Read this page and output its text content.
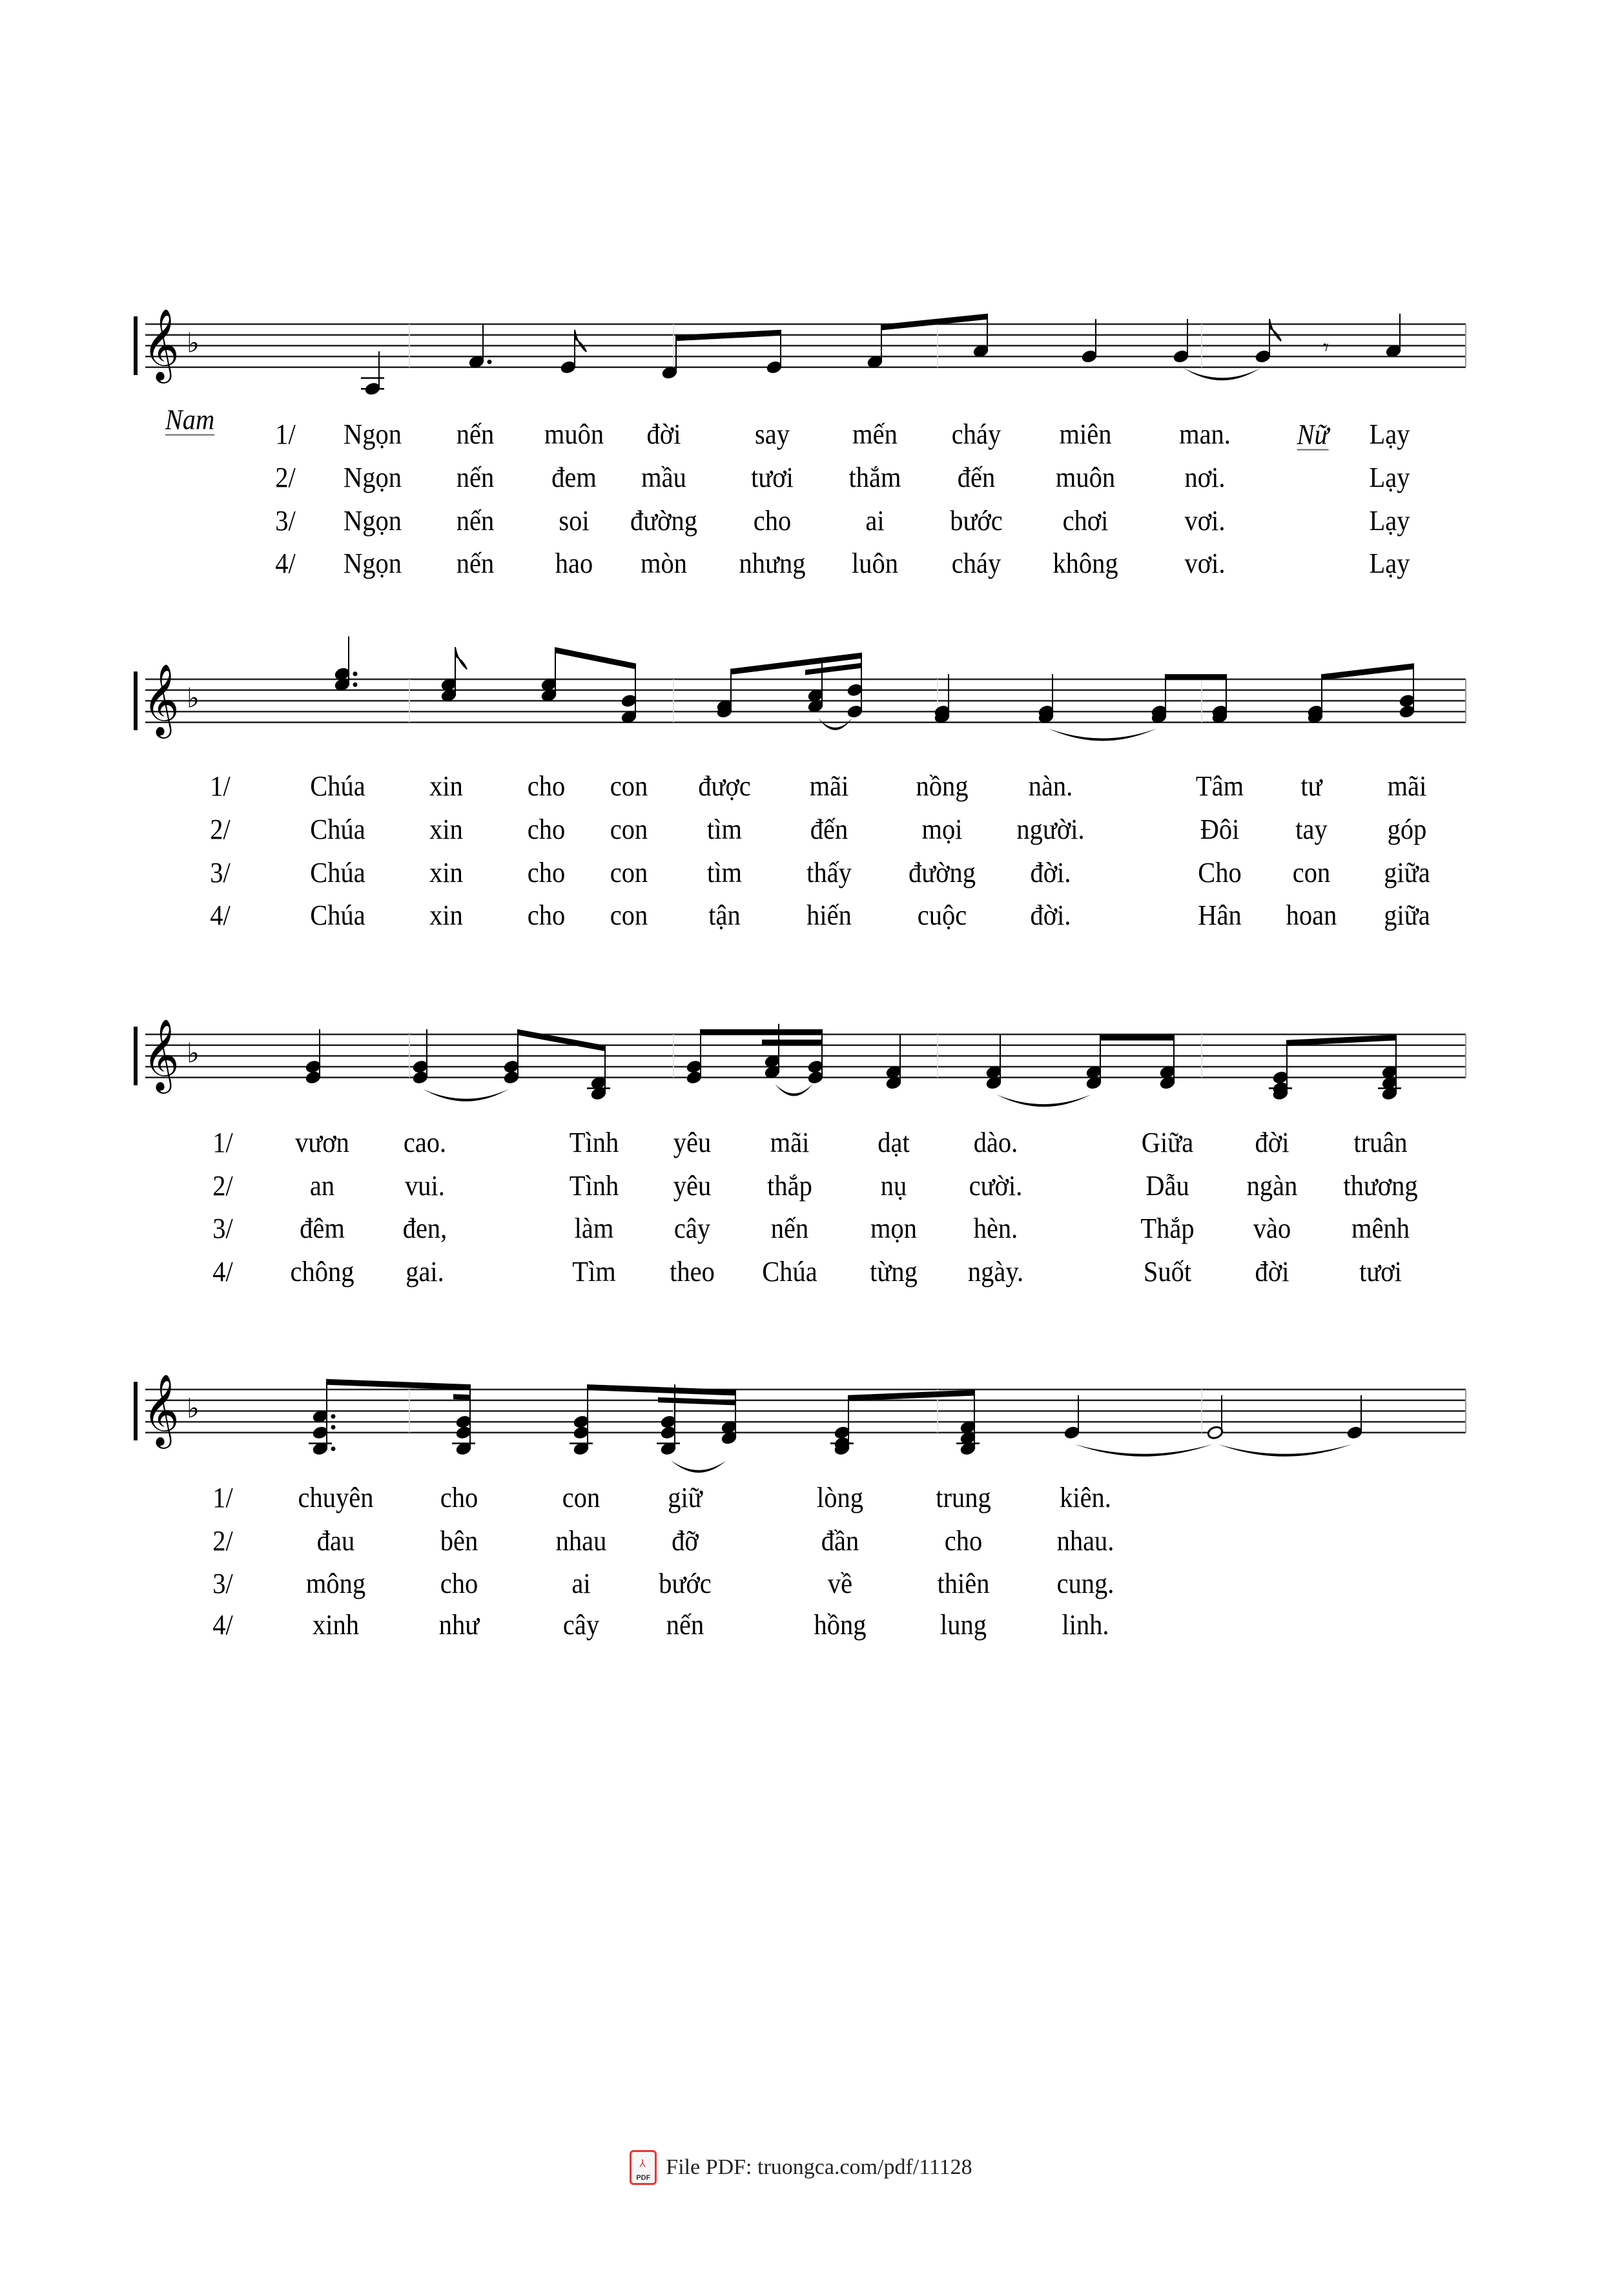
𝄞 ♭	𝄾
𝄞 ♭
𝄞 ♭
𝄞 ♭
1/ Ngọn nến muôn đời	say mến cháy miên man.	Lạy
2/ Ngọn nến đem mầu tươi thắm đến muôn nơi.	Lạy
3/ Ngọn nến soi đường cho	ai bước chơi	vơi.	Lạy
4/ Ngọn nến hao mòn nhưng luôn cháy không vơi.	Lạy
1/	Chúa xin cho con được mãi nồng nàn.	Tâm tư mãi
2/	Chúa xin cho con tìm đến	mọi người.	Đôi tay góp
3/	Chúa xin cho con tìm thấy đường đời.	Cho con giữa
4/	Chúa xin cho con tận hiến cuộc đời.	Hân hoan giữa
1/ vươn cao.	Tình yêu mãi dạt dào.	Giữa đời truân
2/	an vui.	Tình yêu thắp nụ cười.	Dẫu ngàn thương
3/ đêm đen,	làm cây nến mọn hèn.	Thắp vào mênh
4/ chông gai.	Tìm theo Chúa từng ngày.	Suốt đời tươi
1/ chuyên cho	con giữ	lòng	trung kiên.
2/	đau	bên	nhau đỡ	đần	cho	nhau.
3/	mông	cho	ai bước	về	thiên cung.
4/	xinh	như	cây nến	hồng	lung	linh.
Nam	Nữ
⅄
PDF File PDF: truongca.com/pdf/11128
